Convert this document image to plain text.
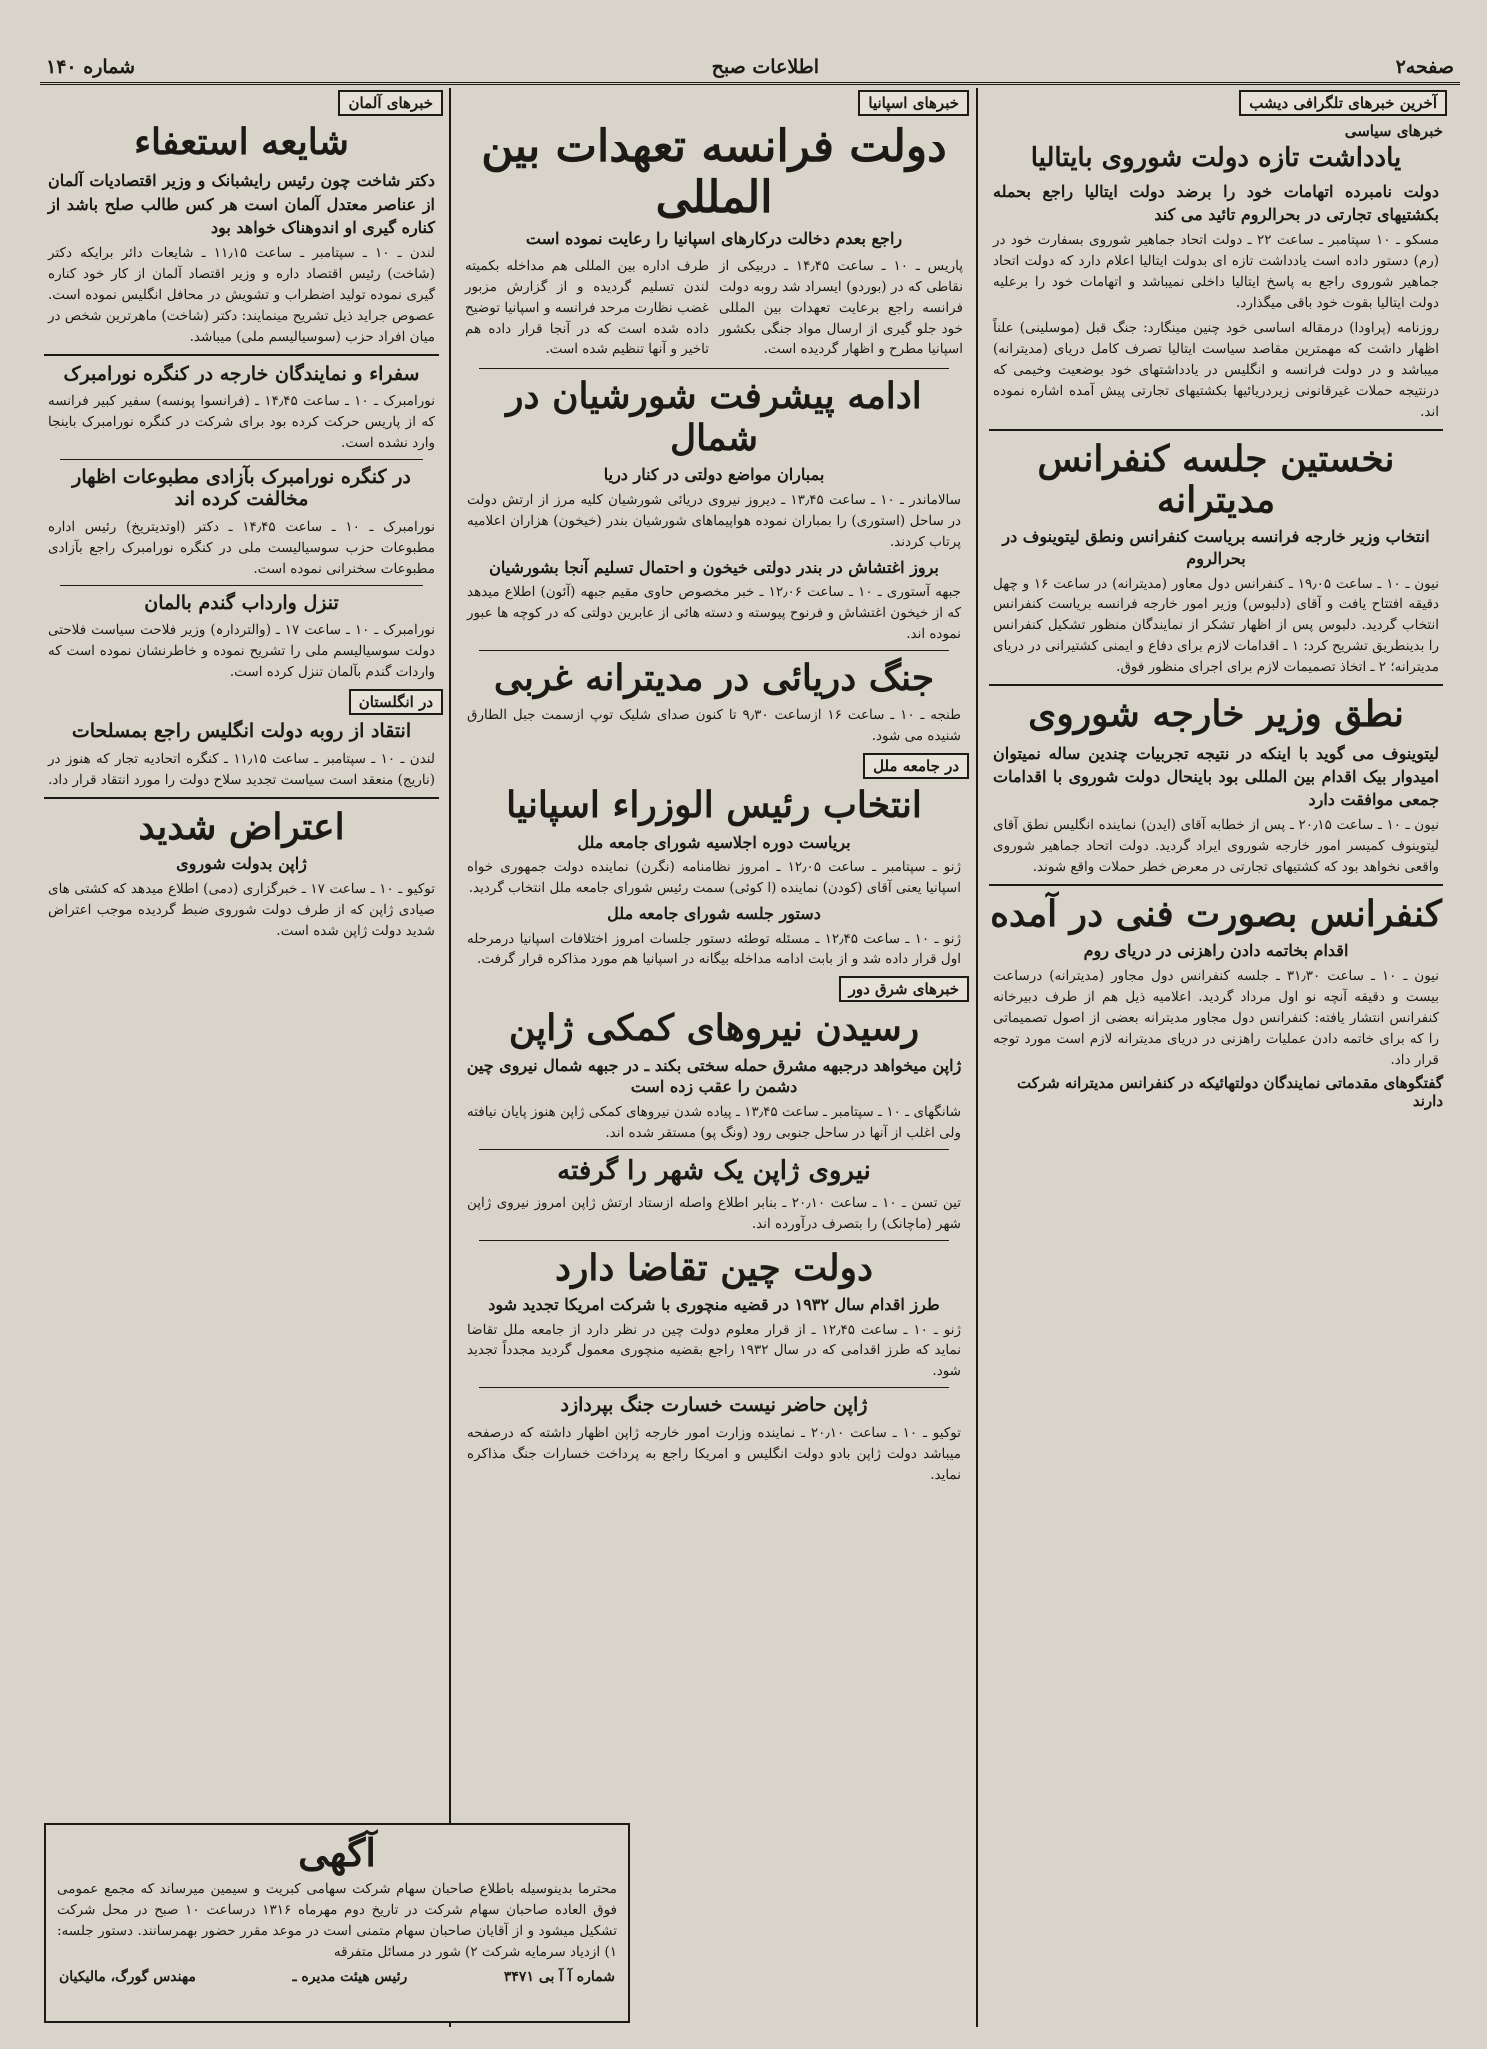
صفحه۲
اطلاعات صبح
شماره ۱۴۰
آخرین خبرهای تلگرافی دیشب
خبرهای سیاسی
یادداشت تازه دولت شوروی بایتالیا
دولت نامبرده اتهامات خود را برضد دولت ایتالیا راجع بحمله بکشتیهای تجارتی در بحرالروم تائید می کند

مسکو ـ ۱۰ سپتامبر ـ ساعت ۲۲ ـ دولت اتحاد جماهیر شوروی بسفارت خود در (رم) دستور داده است یادداشت تازه ای بدولت ایتالیا اعلام دارد که دولت اتحاد جماهیر شوروی راجع به پاسخ ایتالیا داخلی نمیباشد و اتهامات خود را برعلیه دولت ایتالیا بقوت خود باقی میگذارد.

روزنامه (پراودا) درمقاله اساسی خود چنین مینگارد: جنگ قبل (موسلینی) علناً اظهار داشت که مهمترین مقاصد سیاست ایتالیا تصرف کامل دریای (مدیترانه) میباشد و در دولت فرانسه و انگلیس در یادداشتهای خود بوضعیت وخیمی که درنتیجه حملات غیرقانونی زیردریائیها بکشتیهای تجارتی پیش آمده اشاره نموده اند.

نخستین جلسه کنفرانس مدیترانه
انتخاب وزیر خارجه فرانسه بریاست کنفرانس ونطق لیتوینوف در بحرالروم

نیون ـ ۱۰ ـ ساعت ۱۹٫۰۵ ـ کنفرانس دول معاور (مدیترانه) در ساعت ۱۶ و چهل دقیقه افتتاح یافت و آقای (دلبوس) وزیر امور خارجه فرانسه بریاست کنفرانس انتخاب گردید. دلبوس پس از اظهار تشکر از نمایندگان منظور تشکیل کنفرانس را بدینطریق تشریح کرد: ۱ ـ اقدامات لازم برای دفاع و ایمنی کشتیرانی در دریای مدیترانه؛ ۲ ـ اتخاذ تصمیمات لازم برای اجرای منظور فوق.

نطق وزیر خارجه شوروی
لیتوینوف می گوید با اینکه در نتیجه تجربیات چندین ساله نمیتوان امیدوار بیک اقدام بین المللی بود باینحال دولت شوروی با اقدامات جمعی موافقت دارد

نیون ـ ۱۰ ـ ساعت ۲۰٫۱۵ ـ پس از خطابه آقای (ایدن) نماینده انگلیس نطق آقای لیتوینوف کمیسر امور خارجه شوروی ایراد گردید. دولت اتحاد جماهیر شوروی واقعی نخواهد بود که کشتیهای تجارتی در معرض خطر حملات واقع شوند.

کنفرانس بصورت فنی در آمده
اقدام بخاتمه دادن راهزنی در دریای روم

نیون ـ ۱۰ ـ ساعت ۳۱٫۳۰ ـ جلسه کنفرانس دول مجاور (مدیترانه) درساعت بیست و دقیقه آنچه نو اول مرداد گردید. اعلامیه ذیل هم از طرف دبیرخانه کنفرانس انتشار یافته: کنفرانس دول مجاور مدیترانه بعضی از اصول تصمیماتی را که برای خاتمه دادن عملیات راهزنی در دریای مدیترانه لازم است مورد توجه قرار داد.

گفتگوهای مقدماتی نمایندگان دولتهائیکه در کنفرانس مدیترانه شرکت دارند
خبرهای اسپانیا
دولت فرانسه تعهدات بین المللی
راجع بعدم دخالت درکارهای اسپانیا را رعایت نموده است

پاریس ـ ۱۰ ـ ساعت ۱۴٫۴۵ ـ دربیکی از نقاطی که در (بوردو) ایسراد شد روبه دولت فرانسه راجع برعایت تعهدات بین المللی خود جلو گیری از ارسال مواد جنگی بکشور اسپانیا مطرح و اظهار گردیده است.

طرف اداره بین المللی هم مداخله بکمیته لندن تسلیم گردیده و از گزارش مزبور غضب نظارت مرحد فرانسه و اسپانیا توضیح داده شده است که در آنجا قرار داده هم تاخیر و آنها تنظیم شده است.

ادامه پیشرفت شورشیان در شمال
بمباران مواضع دولتی در کنار دریا

سالاماندر ـ ۱۰ ـ ساعت ۱۳٫۴۵ ـ دیروز نیروی دریائی شورشیان کلیه مرز از ارتش دولت در ساحل (استوری) را بمباران نموده هواپیماهای شورشیان بندر (خیخون) هزاران اعلامیه پرتاب کردند.

بروز اغتشاش در بندر دولتی خیخون و احتمال تسلیم آنجا بشورشیان

جبهه آستوری ـ ۱۰ ـ ساعت ۱۲٫۰۶ ـ خبر مخصوص حاوی مقیم جبهه (آئون) اطلاع میدهد که از خیخون اغتشاش و فرنوح پیوسته و دسته هائی از عابرین دولتی که در کوچه ها عبور نموده اند.

جنگ دریائی در مدیترانه غربی

طنجه ـ ۱۰ ـ ساعت ۱۶ ازساعت ۹٫۳۰ تا کنون صدای شلیک توپ ازسمت جبل الطارق شنیده می شود.

در جامعه ملل
انتخاب رئیس الوزراء اسپانیا
بریاست دوره اجلاسیه شورای جامعه ملل

ژنو ـ سپتامبر ـ ساعت ۱۲٫۰۵ ـ امروز نظامنامه (نگرن) نماینده دولت جمهوری خواه اسپانیا یعنی آقای (کودن) نماینده (ا کوئی) سمت رئیس شورای جامعه ملل انتخاب گردید.

دستور جلسه شورای جامعه ملل

ژنو ـ ۱۰ ـ ساعت ۱۲٫۴۵ ـ مسئله توطئه دستور جلسات امروز اختلافات اسپانیا درمرحله اول قرار داده شد و از بابت ادامه مداخله بیگانه در اسپانیا هم مورد مذاکره قرار گرفت.

خبرهای شرق دور
رسیدن نیروهای کمکی ژاپن
ژاپن میخواهد درجبهه مشرق حمله سختی بکند ـ در جبهه شمال نیروی چین دشمن را عقب زده است

شانگهای ـ ۱۰ ـ سپتامبر ـ ساعت ۱۳٫۴۵ ـ پیاده شدن نیروهای کمکی ژاپن هنوز پایان نیافته ولی اغلب از آنها در ساحل جنوبی رود (ونگ پو) مستقر شده اند.

نیروی ژاپن یک شهر را گرفته

تین تسن ـ ۱۰ ـ ساعت ۲۰٫۱۰ ـ بنابر اطلاع واصله ازستاد ارتش ژاپن امروز نیروی ژاپن شهر (ماچانک) را بتصرف درآورده اند.

دولت چین تقاضا دارد
طرز اقدام سال ۱۹۳۲ در قضیه منچوری با شرکت امریکا تجدید شود

ژنو ـ ۱۰ ـ ساعت ۱۲٫۴۵ ـ از قرار معلوم دولت چین در نظر دارد از جامعه ملل تقاضا نماید که طرز اقدامی که در سال ۱۹۳۲ راجع بقضیه منچوری معمول گردید مجدداً تجدید شود.

ژاپن حاضر نیست خسارت جنگ بپردازد

توکیو ـ ۱۰ ـ ساعت ۲۰٫۱۰ ـ نماینده وزارت امور خارجه ژاپن اظهار داشته که درصفحه میباشد دولت ژاپن بادو دولت انگلیس و امریکا راجع به پرداخت خسارات جنگ مذاکره نماید.

خبرهای آلمان
شایعه استعفاء
دکتر شاخت چون رئیس رایشبانک و وزیر اقتصادیات آلمان از عناصر معتدل آلمان است هر کس طالب صلح باشد از کناره گیری او اندوهناک خواهد بود

لندن ـ ۱۰ ـ سپتامبر ـ ساعت ۱۱٫۱۵ ـ شایعات دائر برایکه دکتر (شاخت) رئیس اقتصاد داره و وزیر اقتصاد آلمان از کار خود کناره گیری نموده تولید اضطراب و تشویش در محافل انگلیس نموده است. عصوص جراید ذیل تشریح مینمایند: دکتر (شاخت) ماهرترین شخص در میان افراد حزب (سوسیالیسم ملی) میباشد.

سفراء و نمایندگان خارجه در کنگره نورامبرک

نورامبرک ـ ۱۰ ـ ساعت ۱۴٫۴۵ ـ (فرانسوا پونسه) سفیر کبیر فرانسه که از پاریس حرکت کرده بود برای شرکت در کنگره نورامبرک باینجا وارد نشده است.

در کنگره نورامبرک بآزادی مطبوعات اظهار مخالفت کرده اند

نورامبرک ـ ۱۰ ـ ساعت ۱۴٫۴۵ ـ دکتر (اوتدیتریخ) رئیس اداره مطبوعات حزب سوسیالیست ملی در کنگره نورامبرک راجع بآزادی مطبوعات سخنرانی نموده است.

تنزل وارداب گندم بالمان

نورامبرک ـ ۱۰ ـ ساعت ۱۷ ـ (والتردارہ) وزیر فلاحت سیاست فلاحتی دولت سوسیالیسم ملی را تشریح نموده و خاطرنشان نموده است که واردات گندم بآلمان تنزل کرده است.

در انگلستان
انتقاد از روبه دولت انگلیس راجع بمسلحات

لندن ـ ۱۰ ـ سپتامبر ـ ساعت ۱۱٫۱۵ ـ کنگره اتحادیه تجار که هنوز در (ناریج) منعقد است سیاست تجدید سلاح دولت را مورد انتقاد قرار داد.

اعتراض شدید
ژاپن بدولت شوروی

توکیو ـ ۱۰ ـ ساعت ۱۷ ـ خبرگزاری (دمی) اطلاع میدهد که کشتی های صیادی ژاپن که از طرف دولت شوروی ضبط گردیده موجب اعتراض شدید دولت ژاپن شده است.

آگهی

محترما بدینوسیله باطلاع صاحبان سهام شرکت سهامی کبریت و سیمین میرساند که مجمع عمومی فوق العاده صاحبان سهام شرکت در تاریخ دوم مهرماه ۱۳۱۶ درساعت ۱۰ صبح در محل شرکت تشکیل میشود و از آقایان صاحبان سهام متمنی است در موعد مقرر حضور بهمرسانند. دستور جلسه: ۱) ازدیاد سرمایه شرکت ۲) شور در مسائل متفرقه

شماره آ آ بی ۳۴۷۱
رئیس هیئت مدیره ـ
مهندس گورگ، مالیکیان
